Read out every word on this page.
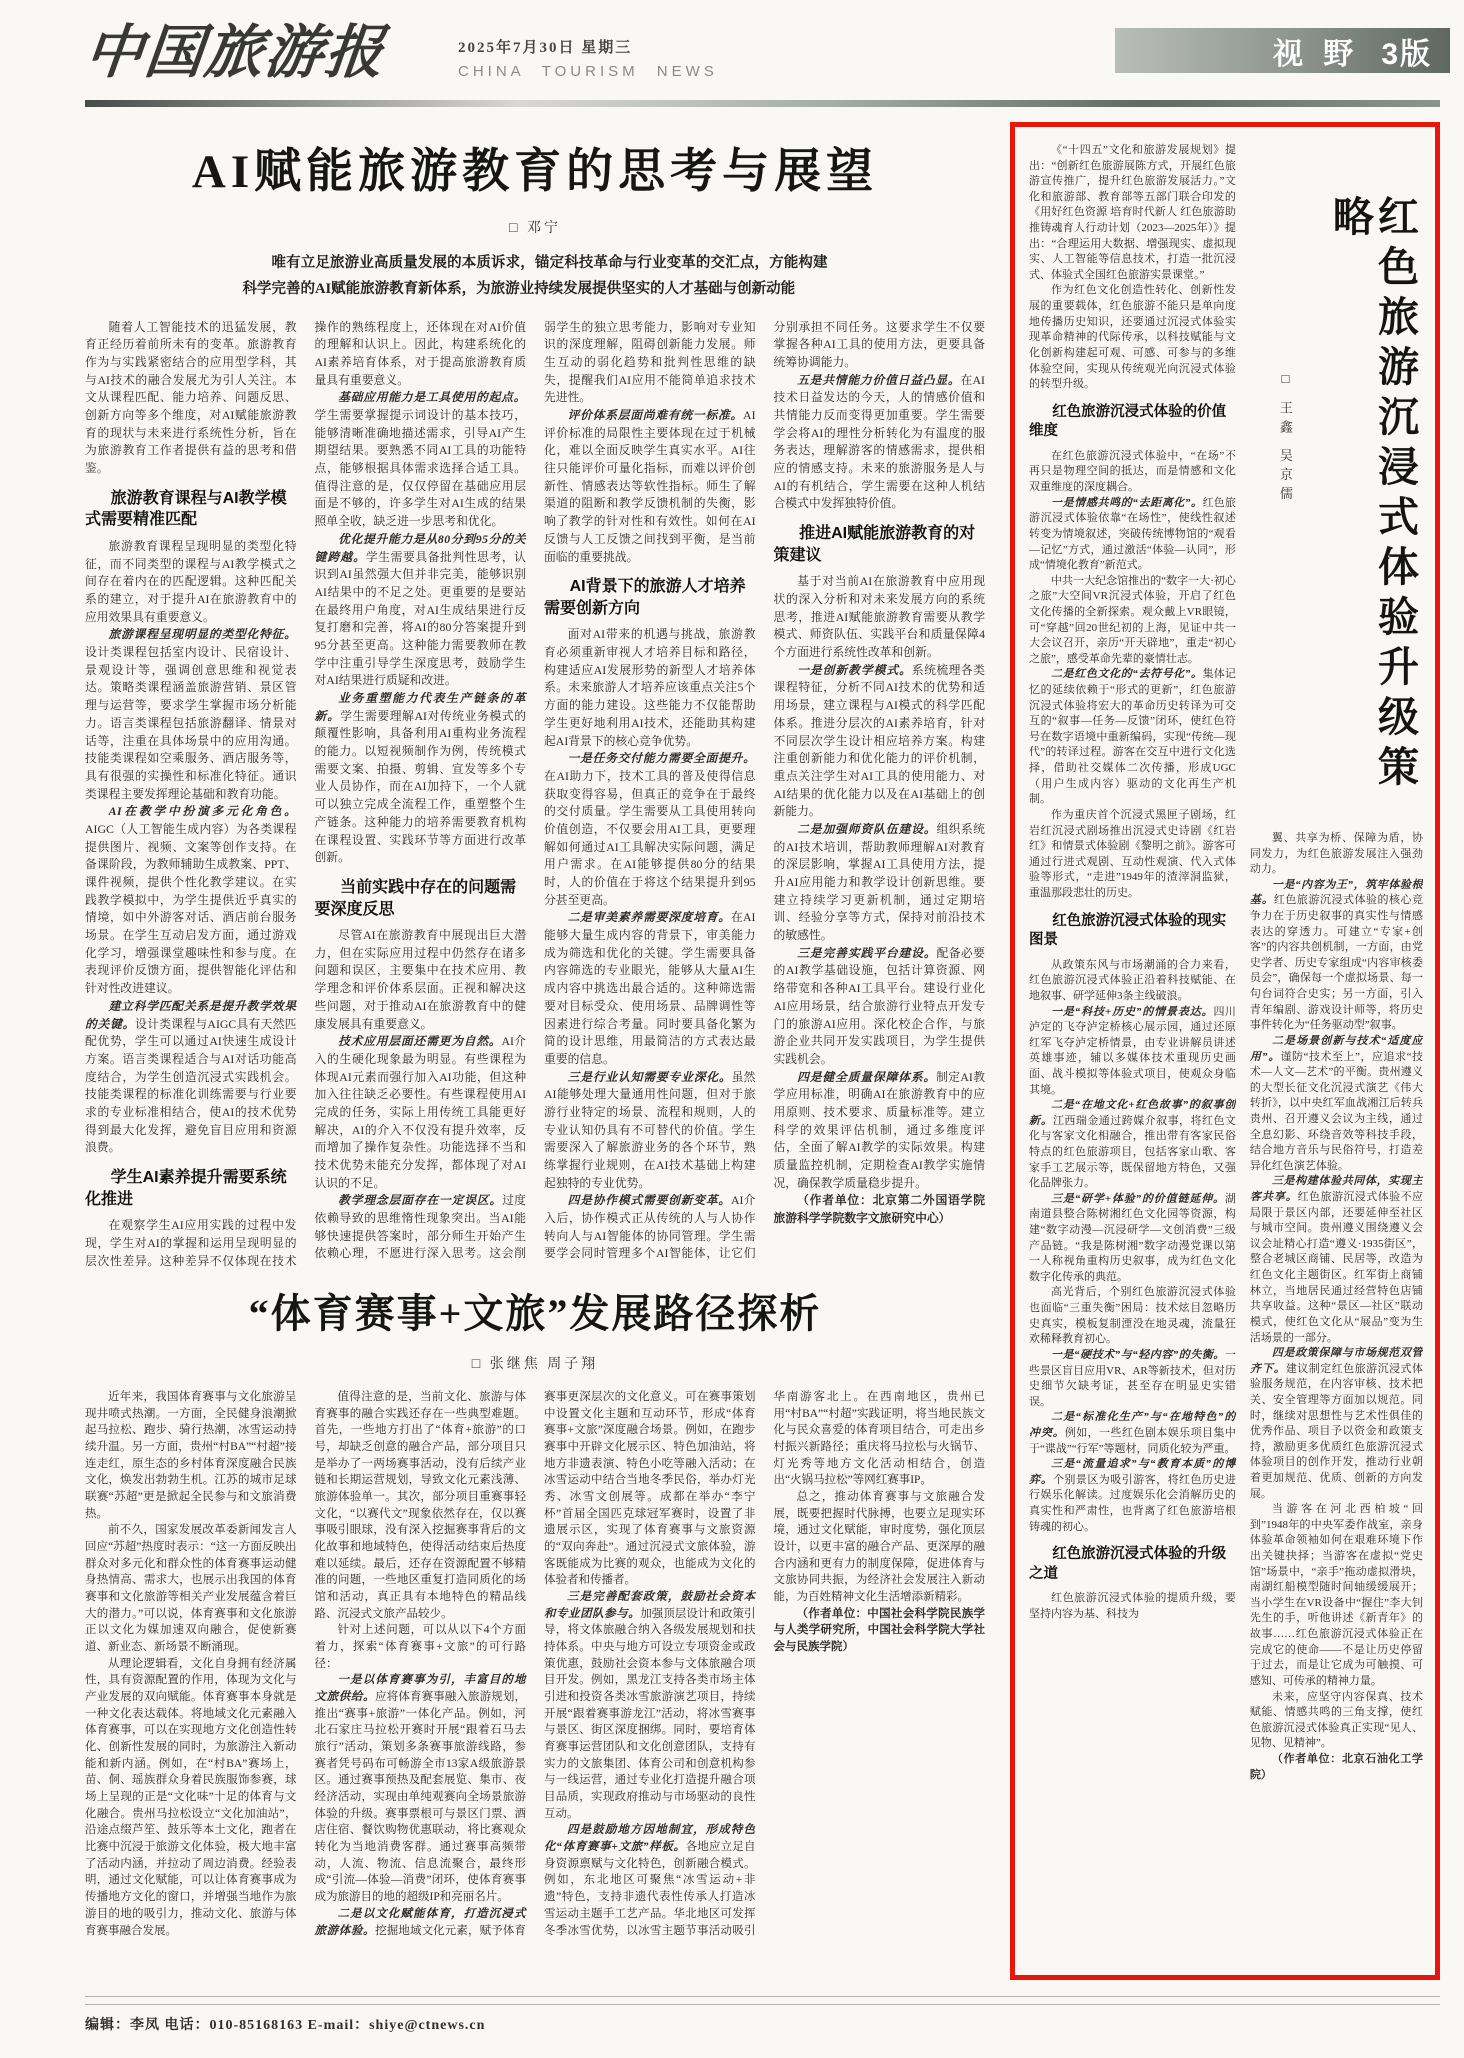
中国旅游报	2025年7月30日 星期三
CHINA TOURISM NEWS
视 野 3版
AI赋能旅游教育的思考与展望
□ 邓宁
唯有立足旅游业高质量发展的本质诉求，锚定科技革命与行业变革的交汇点，方能构建科学完善的AI赋能旅游教育新体系，为旅游业持续发展提供坚实的人才基础与创新动能

随着人工智能技术的迅猛发展，教育正经历着前所未有的变革。旅游教育作为与实践紧密结合的应用型学科，其与AI技术的融合发展尤为引人关注。本文从课程匹配、能力培养、问题反思、创新方向等多个维度，对AI赋能旅游教育的现状与未来进行系统性分析，旨在为旅游教育工作者提供有益的思考和借鉴。

旅游教育课程与AI教学模式需要精准匹配

旅游教育课程呈现明显的类型化特征，而不同类型的课程与AI教学模式之间存在着内在的匹配逻辑。这种匹配关系的建立，对于提升AI在旅游教育中的应用效果具有重要意义。

旅游课程呈现明显的类型化特征。设计类课程包括室内设计、民宿设计、景观设计等，强调创意思维和视觉表达。策略类课程涵盖旅游营销、景区管理与运营等，要求学生掌握市场分析能力。语言类课程包括旅游翻译、情景对话等，注重在具体场景中的应用沟通。技能类课程如空乘服务、酒店服务等，具有很强的实操性和标准化特征。通识类课程主要发挥理论基础和教育功能。

AI在教学中扮演多元化角色。AIGC（人工智能生成内容）为各类课程提供图片、视频、文案等创作支持。在备课阶段，为教师辅助生成教案、PPT、课件视频，提供个性化教学建议。在实践教学模拟中，为学生提供近乎真实的情境，如中外游客对话、酒店前台服务场景。在学生互动启发方面，通过游戏化学习，增强课堂趣味性和参与度。在表现评价反馈方面，提供智能化评估和针对性改进建议。

建立科学匹配关系是提升教学效果的关键。设计类课程与AIGC具有天然匹配优势，学生可以通过AI快速生成设计方案。语言类课程适合与AI对话功能高度结合，为学生创造沉浸式实践机会。技能类课程的标准化训练需要与行业要求的专业标准相结合，使AI的技术优势得到最大化发挥，避免盲目应用和资源浪费。

学生AI素养提升需要系统化推进

在观察学生AI应用实践的过程中发现，学生对AI的掌握和运用呈现明显的层次性差异。这种差异不仅体现在技术操作的熟练程度上，还体现在对AI价值的理解和认识上。因此，构建系统化的AI素养培育体系，对于提高旅游教育质量具有重要意义。

基础应用能力是工具使用的起点。学生需要掌握提示词设计的基本技巧，能够清晰准确地描述需求，引导AI产生期望结果。要熟悉不同AI工具的功能特点，能够根据具体需求选择合适工具。值得注意的是，仅仅停留在基础应用层面是不够的，许多学生对AI生成的结果照单全收，缺乏进一步思考和优化。

优化提升能力是从80分到95分的关键跨越。学生需要具备批判性思考，认识到AI虽然强大但并非完美，能够识别AI结果中的不足之处。更重要的是要站在最终用户角度，对AI生成结果进行反复打磨和完善，将AI的80分答案提升到95分甚至更高。这种能力需要教师在教学中注重引导学生深度思考，鼓励学生对AI结果进行质疑和改进。

业务重塑能力代表生产链条的革新。学生需要理解AI对传统业务模式的颠覆性影响，具备利用AI重构业务流程的能力。以短视频制作为例，传统模式需要文案、拍摄、剪辑、宣发等多个专业人员协作，而在AI加持下，一个人就可以独立完成全流程工作，重塑整个生产链条。这种能力的培养需要教育机构在课程设置、实践环节等方面进行改革创新。

当前实践中存在的问题需要深度反思

尽管AI在旅游教育中展现出巨大潜力，但在实际应用过程中仍然存在诸多问题和误区，主要集中在技术应用、教学理念和评价体系层面。正视和解决这些问题，对于推动AI在旅游教育中的健康发展具有重要意义。

技术应用层面还需更为自然。AI介入的生硬化现象最为明显。有些课程为体现AI元素而强行加入AI功能，但这种加入往往缺乏必要性。有些课程使用AI完成的任务，实际上用传统工具能更好解决，AI的介入不仅没有提升效率，反而增加了操作复杂性。功能选择不当和技术优势未能充分发挥，都体现了对AI认识的不足。

教学理念层面存在一定误区。过度依赖导致的思维惰性现象突出。当AI能够快速提供答案时，部分师生开始产生依赖心理，不愿进行深入思考。这会削弱学生的独立思考能力，影响对专业知识的深度理解，阻碍创新能力发展。师生互动的弱化趋势和批判性思维的缺失，提醒我们AI应用不能简单追求技术先进性。

评价体系层面尚难有统一标准。AI评价标准的局限性主要体现在过于机械化，难以全面反映学生真实水平。AI往往只能评价可量化指标，而难以评价创新性、情感表达等软性指标。师生了解渠道的阻断和教学反馈机制的失衡，影响了教学的针对性和有效性。如何在AI反馈与人工反馈之间找到平衡，是当前面临的重要挑战。

AI背景下的旅游人才培养需要创新方向

面对AI带来的机遇与挑战，旅游教育必须重新审视人才培养目标和路径，构建适应AI发展形势的新型人才培养体系。未来旅游人才培养应该重点关注5个方面的能力建设。这些能力不仅能帮助学生更好地利用AI技术，还能助其构建起AI背景下的核心竞争优势。

一是任务交付能力需要全面提升。在AI助力下，技术工具的普及使得信息获取变得容易，但真正的竞争在于最终的交付质量。学生需要从工具使用转向价值创造，不仅要会用AI工具，更要理解如何通过AI工具解决实际问题，满足用户需求。在AI能够提供80分的结果时，人的价值在于将这个结果提升到95分甚至更高。

二是审美素养需要深度培育。在AI能够大量生成内容的背景下，审美能力成为筛选和优化的关键。学生需要具备内容筛选的专业眼光，能够从大量AI生成内容中挑选出最合适的。这种筛选需要对目标受众、使用场景、品牌调性等因素进行综合考量。同时要具备化繁为简的设计思维，用最简洁的方式表达最重要的信息。

三是行业认知需要专业深化。虽然AI能够处理大量通用性问题，但对于旅游行业特定的场景、流程和规则，人的专业认知仍具有不可替代的价值。学生需要深入了解旅游业务的各个环节，熟练掌握行业规则，在AI技术基础上构建起独特的专业优势。

四是协作模式需要创新变革。AI介入后，协作模式正从传统的人与人协作转向人与AI智能体的协同管理。学生需要学会同时管理多个AI智能体，让它们分别承担不同任务。这要求学生不仅要掌握各种AI工具的使用方法，更要具备统筹协调能力。

五是共情能力价值日益凸显。在AI技术日益发达的今天，人的情感价值和共情能力反而变得更加重要。学生需要学会将AI的理性分析转化为有温度的服务表达，理解游客的情感需求，提供相应的情感支持。未来的旅游服务是人与AI的有机结合，学生需要在这种人机结合模式中发挥独特价值。

推进AI赋能旅游教育的对策建议

基于对当前AI在旅游教育中应用现状的深入分析和对未来发展方向的系统思考，推进AI赋能旅游教育需要从教学模式、师资队伍、实践平台和质量保障4个方面进行系统性改革和创新。

一是创新教学模式。系统梳理各类课程特征，分析不同AI技术的优势和适用场景，建立课程与AI模式的科学匹配体系。推进分层次的AI素养培育，针对不同层次学生设计相应培养方案。构建注重创新能力和优化能力的评价机制，重点关注学生对AI工具的使用能力、对AI结果的优化能力以及在AI基础上的创新能力。

二是加强师资队伍建设。组织系统的AI技术培训，帮助教师理解AI对教育的深层影响，掌握AI工具使用方法，提升AI应用能力和教学设计创新思维。要建立持续学习更新机制，通过定期培训、经验分享等方式，保持对前沿技术的敏感性。

三是完善实践平台建设。配备必要的AI教学基础设施，包括计算资源、网络带宽和各种AI工具平台。建设行业化AI应用场景，结合旅游行业特点开发专门的旅游AI应用。深化校企合作，与旅游企业共同开发实践项目，为学生提供实践机会。

四是健全质量保障体系。制定AI教学应用标准，明确AI在旅游教育中的应用原则、技术要求、质量标准等。建立科学的效果评估机制，通过多维度评估，全面了解AI教学的实际效果。构建质量监控机制，定期检查AI教学实施情况，确保教学质量稳步提升。

（作者单位：北京第二外国语学院旅游科学学院数字文旅研究中心）

“体育赛事+文旅”发展路径探析
□ 张继焦 周子翔

近年来，我国体育赛事与文化旅游呈现井喷式热潮。一方面，全民健身浪潮掀起马拉松、跑步、骑行热潮，冰雪运动持续升温。另一方面，贵州“村BA”“村超”接连走红，原生态的乡村体育深度融合民族文化，焕发出勃勃生机。江苏的城市足球联赛“苏超”更是掀起全民参与和文旅消费热。

前不久，国家发展改革委新闻发言人回应“苏超”热度时表示：“这一方面反映出群众对多元化和群众性的体育赛事运动健身热情高、需求大，也展示出我国的体育赛事和文化旅游等相关产业发展蕴含着巨大的潜力。”可以说，体育赛事和文化旅游正以文化为媒加速双向融合，促使新赛道、新业态、新场景不断涌现。

从理论逻辑看，文化自身拥有经济属性，具有资源配置的作用，体现为文化与产业发展的双向赋能。体育赛事本身就是一种文化表达载体。将地域文化元素融入体育赛事，可以在实现地方文化创造性转化、创新性发展的同时，为旅游注入新动能和新内涵。例如，在“村BA”赛场上，苗、侗、瑶族群众身着民族服饰参赛，球场上呈现的正是“文化味”十足的体育与文化融合。贵州马拉松设立“文化加油站”，沿途点缀芦笙、鼓乐等本土文化，跑者在比赛中沉浸于旅游文化体验，极大地丰富了活动内涵，并拉动了周边消费。经验表明，通过文化赋能，可以让体育赛事成为传播地方文化的窗口，并增强当地作为旅游目的地的吸引力，推动文化、旅游与体育赛事融合发展。

值得注意的是，当前文化、旅游与体育赛事的融合实践还存在一些典型难题。首先，一些地方打出了“体育+旅游”的口号，却缺乏创意的融合产品，部分项目只是举办了一两场赛事活动，没有后续产业链和长期运营规划，导致文化元素浅薄、旅游体验单一。其次，部分项目重赛事轻文化，“以赛代文”现象依然存在，仅以赛事吸引眼球，没有深入挖掘赛事背后的文化故事和地域特色，使得活动结束后热度难以延续。最后，还存在资源配置不够精准的问题，一些地区重复打造同质化的场馆和活动，真正具有本地特色的精品线路、沉浸式文旅产品较少。

针对上述问题，可以从以下4个方面着力，探索“体育赛事+文旅”的可行路径：

一是以体育赛事为引，丰富目的地文旅供给。应将体育赛事融入旅游规划，推出“赛事+旅游”一体化产品。例如，河北石家庄马拉松开赛时开展“跟着石马去旅行”活动，策划多条赛事旅游线路，参赛者凭号码布可畅游全市13家A级旅游景区。通过赛事预热及配套展览、集市、夜经济活动，实现由单纯观赛向全场景旅游体验的升级。赛事票根可与景区门票、酒店住宿、餐饮购物优惠联动，将比赛观众转化为当地消费客群。通过赛事高频带动，人流、物流、信息流聚合，最终形成“引流—体验—消费”闭环，使体育赛事成为旅游目的地的超级IP和亮丽名片。

二是以文化赋能体育，打造沉浸式旅游体验。挖掘地域文化元素，赋予体育赛事更深层次的文化意义。可在赛事策划中设置文化主题和互动环节，形成“体育赛事+文旅”深度融合场景。例如，在跑步赛事中开辟文化展示区、特色加油站，将地方非遗表演、特色小吃等融入活动；在冰雪运动中结合当地冬季民俗，举办灯光秀、冰雪文创展等。成都在举办“李宁杯”首届全国匹克球冠军赛时，设置了非遗展示区，实现了体育赛事与文旅资源的“双向奔赴”。通过沉浸式文旅体验，游客既能成为比赛的观众，也能成为文化的体验者和传播者。

三是完善配套政策，鼓励社会资本和专业团队参与。加强顶层设计和政策引导，将文体旅融合纳入各级发展规划和扶持体系。中央与地方可设立专项资金或政策优惠，鼓励社会资本参与文体旅融合项目开发。例如，黑龙江支持各类市场主体引进和投资各类冰雪旅游演艺项目，持续开展“跟着赛事游龙江”活动，将冰雪赛事与景区、街区深度捆绑。同时，要培育体育赛事运营团队和文化创意团队，支持有实力的文旅集团、体育公司和创意机构参与一线运营，通过专业化打造提升融合项目品质，实现政府推动与市场驱动的良性互动。

四是鼓励地方因地制宜，形成特色化“体育赛事+文旅”样板。各地应立足自身资源禀赋与文化特色，创新融合模式。例如，东北地区可聚焦“冰雪运动+非遗”特色，支持非遗代表性传承人打造冰雪运动主题手工艺产品。华北地区可发挥冬季冰雪优势，以冰雪主题节事活动吸引华南游客北上。在西南地区，贵州已用“村BA”“村超”实践证明，将当地民族文化与民众喜爱的体育项目结合，可走出乡村振兴新路径；重庆将马拉松与火锅节、灯光秀等地方文化活动相结合，创造出“火锅马拉松”等网红赛事IP。

总之，推动体育赛事与文旅融合发展，既要把握时代脉搏，也要立足现实环境，通过文化赋能，审时度势，强化顶层设计，以更丰富的融合产品、更深厚的融合内涵和更有力的制度保障，促进体育与文旅协同共振，为经济社会发展注入新动能，为百姓精神文化生活增添新精彩。

（作者单位：中国社会科学院民族学与人类学研究所，中国社会科学院大学社会与民族学院）

《“十四五”文化和旅游发展规划》提出：“创新红色旅游展陈方式，开展红色旅游宣传推广，提升红色旅游发展活力。”文化和旅游部、教育部等五部门联合印发的《用好红色资源 培育时代新人 红色旅游助推铸魂育人行动计划（2023—2025年）》提出：“合理运用大数据、增强现实、虚拟现实、人工智能等信息技术，打造一批沉浸式、体验式全国红色旅游实景课堂。”

作为红色文化创造性转化、创新性发展的重要载体，红色旅游不能只是单向度地传播历史知识，还要通过沉浸式体验实现革命精神的代际传承，以科技赋能与文化创新构建起可观、可感、可参与的多维体验空间，实现从传统观光向沉浸式体验的转型升级。

红色旅游沉浸式体验的价值维度

在红色旅游沉浸式体验中，“在场”不再只是物理空间的抵达，而是情感和文化双重维度的深度耦合。

一是情感共鸣的“去距离化”。红色旅游沉浸式体验依靠“在场性”，使线性叙述转变为情境叙述，突破传统博物馆的“观看—记忆”方式，通过激活“体验—认同”，形成“情境化教育”新范式。

中共一大纪念馆推出的“数字一大·初心之旅”大空间VR沉浸式体验，开启了红色文化传播的全新探索。观众戴上VR眼镜，可“穿越”回20世纪初的上海，见证中共一大会议召开，亲历“开天辟地”，重走“初心之旅”，感受革命先辈的豪情壮志。

二是红色文化的“去符号化”。集体记忆的延续依赖于“形式的更新”，红色旅游沉浸式体验将宏大的革命历史转译为可交互的“叙事—任务—反馈”闭环，使红色符号在数字语境中重新编码，实现“传统—现代”的转译过程。游客在交互中进行文化选择，借助社交媒体二次传播，形成UGC（用户生成内容）驱动的文化再生产机制。

作为重庆首个沉浸式黑匣子剧场，红岩红沉浸式剧场推出沉浸式史诗剧《红岩红》和情景式体验剧《黎明之前》。游客可通过行进式观剧、互动性观演、代入式体验等形式，“走进”1949年的渣滓洞监狱，重温那段悲壮的历史。

红色旅游沉浸式体验的现实图景

从政策东风与市场潮涌的合力来看，红色旅游沉浸式体验正沿着科技赋能、在地叙事、研学延伸3条主线破浪。

一是“科技+历史”的情景表达。四川泸定的飞夺泸定桥核心展示园，通过还原红军飞夺泸定桥情景，由专业讲解员讲述英雄事迹，辅以多媒体技术重现历史画面、战斗模拟等体验式项目，使观众身临其境。

二是“在地文化+红色故事”的叙事创新。江西瑞金通过跨媒介叙事，将红色文化与客家文化相融合，推出带有客家民俗特点的红色旅游项目，包括客家山歌、客家手工艺展示等，既保留地方特色，又强化品牌张力。

三是“研学+体验”的价值链延伸。湖南道县整合陈树湘红色文化园等资源，构建“数字动漫—沉浸研学—文创消费”三级产品链。“我是陈树湘”数字动漫党课以第一人称视角重构历史叙事，成为红色文化数字化传承的典范。

高光背后，个别红色旅游沉浸式体验也面临“三重失衡”困局：技术炫目忽略历史真实，模板复制湮没在地灵魂，流量狂欢稀释教育初心。

一是“硬技术”与“轻内容”的失衡。一些景区盲目应用VR、AR等新技术，但对历史细节欠缺考证，甚至存在明显史实错误。

二是“标准化生产”与“在地特色”的冲突。例如，一些红色剧本娱乐项目集中于“谍战”“行军”等题材，同质化较为严重。

三是“流量追求”与“教育本质”的博弈。个别景区为吸引游客，将红色历史进行娱乐化解读。过度娱乐化会消解历史的真实性和严肃性，也背离了红色旅游培根铸魂的初心。

红色旅游沉浸式体验的升级之道

红色旅游沉浸式体验的提质升级，要坚持内容为基、科技为

□ 王鑫 吴京儒	红色旅游沉浸式体验升级策略

翼、共享为桥、保障为盾，协同发力，为红色旅游发展注入强劲动力。

一是“内容为王”，筑牢体验根基。红色旅游沉浸式体验的核心竞争力在于历史叙事的真实性与情感表达的穿透力。可建立“专家+创客”的内容共创机制，一方面，由党史学者、历史专家组成“内容审核委员会”，确保每一个虚拟场景、每一句台词符合史实；另一方面，引入青年编剧、游戏设计师等，将历史事件转化为“任务驱动型”叙事。

二是场景创新与技术“适度应用”。谨防“技术至上”，应追求“技术—人文—艺术”的平衡。贵州遵义的大型长征文化沉浸式演艺《伟大转折》，以中央红军血战湘江后转兵贵州、召开遵义会议为主线，通过全息幻影、环绕音效等科技手段，结合地方音乐与民俗符号，打造差异化红色演艺体验。

三是构建体验共同体，实现主客共享。红色旅游沉浸式体验不应局限于景区内部，还要延伸至社区与城市空间。贵州遵义围绕遵义会议会址精心打造“遵义·1935街区”，整合老城区商铺、民居等，改造为红色文化主题街区。红军街上商铺林立，当地居民通过经营特色店铺共享收益。这种“景区—社区”联动模式，使红色文化从“展品”变为生活场景的一部分。

四是政策保障与市场规范双管齐下。建议制定红色旅游沉浸式体验服务规范，在内容审核、技术把关、安全管理等方面加以规范。同时，继续对思想性与艺术性俱佳的优秀作品、项目予以资金和政策支持，激励更多优质红色旅游沉浸式体验项目的创作开发，推动行业朝着更加规范、优质、创新的方向发展。

当游客在河北西柏坡“回到”1948年的中央军委作战室，亲身体验革命领袖如何在艰难环境下作出关键抉择；当游客在虚拟“党史馆”场景中，“亲手”拖动虚拟滑块，南湖红船模型随时间轴缓缓展开；当小学生在VR设备中“握住”李大钊先生的手，听他讲述《新青年》的故事……红色旅游沉浸式体验正在完成它的使命——不是让历史停留于过去，而是让它成为可触摸、可感知、可传承的精神力量。

未来，应坚守内容保真、技术赋能、情感共鸣的三角支撑，使红色旅游沉浸式体验真正实现“见人、见物、见精神”。

（作者单位：北京石油化工学院）

编辑：李凤 电话：010-85168163 E-mail：shiye@ctnews.cn
